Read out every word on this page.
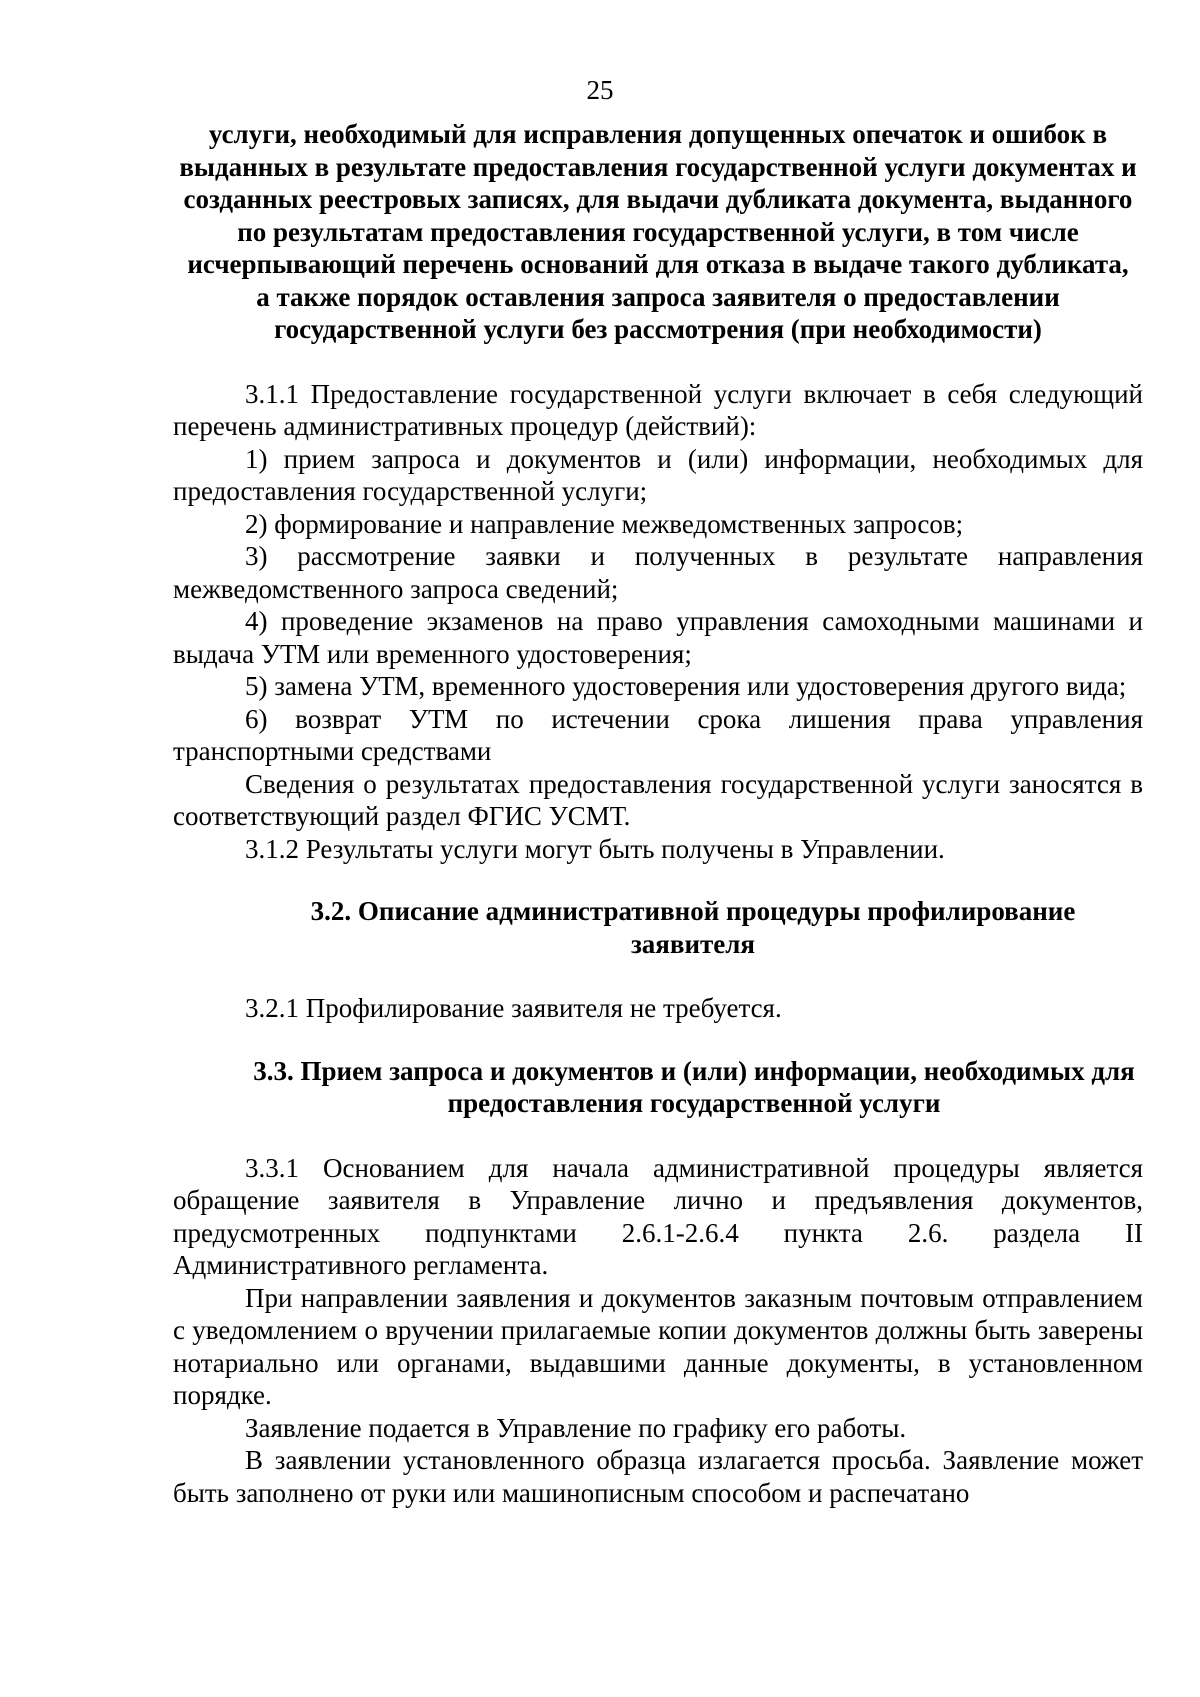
25

услуги, необходимый для исправления допущенных опечаток и ошибок в выданных в результате предоставления государственной услуги документах и созданных реестровых записях, для выдачи дубликата документа, выданного по результатам предоставления государственной услуги, в том числе исчерпывающий перечень оснований для отказа в выдаче такого дубликата, а также порядок оставления запроса заявителя о предоставлении государственной услуги без рассмотрения (при необходимости)

3.1.1 Предоставление государственной услуги включает в себя следующий перечень административных процедур (действий):

1) прием запроса и документов и (или) информации, необходимых для предоставления государственной услуги;

2) формирование и направление межведомственных запросов;

3) рассмотрение заявки и полученных в результате направления межведомственного запроса сведений;

4) проведение экзаменов на право управления самоходными машинами и выдача УТМ или временного удостоверения;

5) замена УТМ, временного удостоверения или удостоверения другого вида;

6) возврат УТМ по истечении срока лишения права управления транспортными средствами

Сведения о результатах предоставления государственной услуги заносятся в соответствующий раздел ФГИС УСМТ.

3.1.2 Результаты услуги могут быть получены в Управлении.

3.2. Описание административной процедуры профилирование заявителя

3.2.1 Профилирование заявителя не требуется.

3.3. Прием запроса и документов и (или) информации, необходимых для предоставления государственной услуги

3.3.1 Основанием для начала административной процедуры является обращение заявителя в Управление лично и предъявления документов, предусмотренных подпунктами 2.6.1-2.6.4 пункта 2.6. раздела II Административного регламента.

При направлении заявления и документов заказным почтовым отправлением с уведомлением о вручении прилагаемые копии документов должны быть заверены нотариально или органами, выдавшими данные документы, в установленном порядке.

Заявление подается в Управление по графику его работы.

В заявлении установленного образца излагается просьба. Заявление может быть заполнено от руки или машинописным способом и распечатано
